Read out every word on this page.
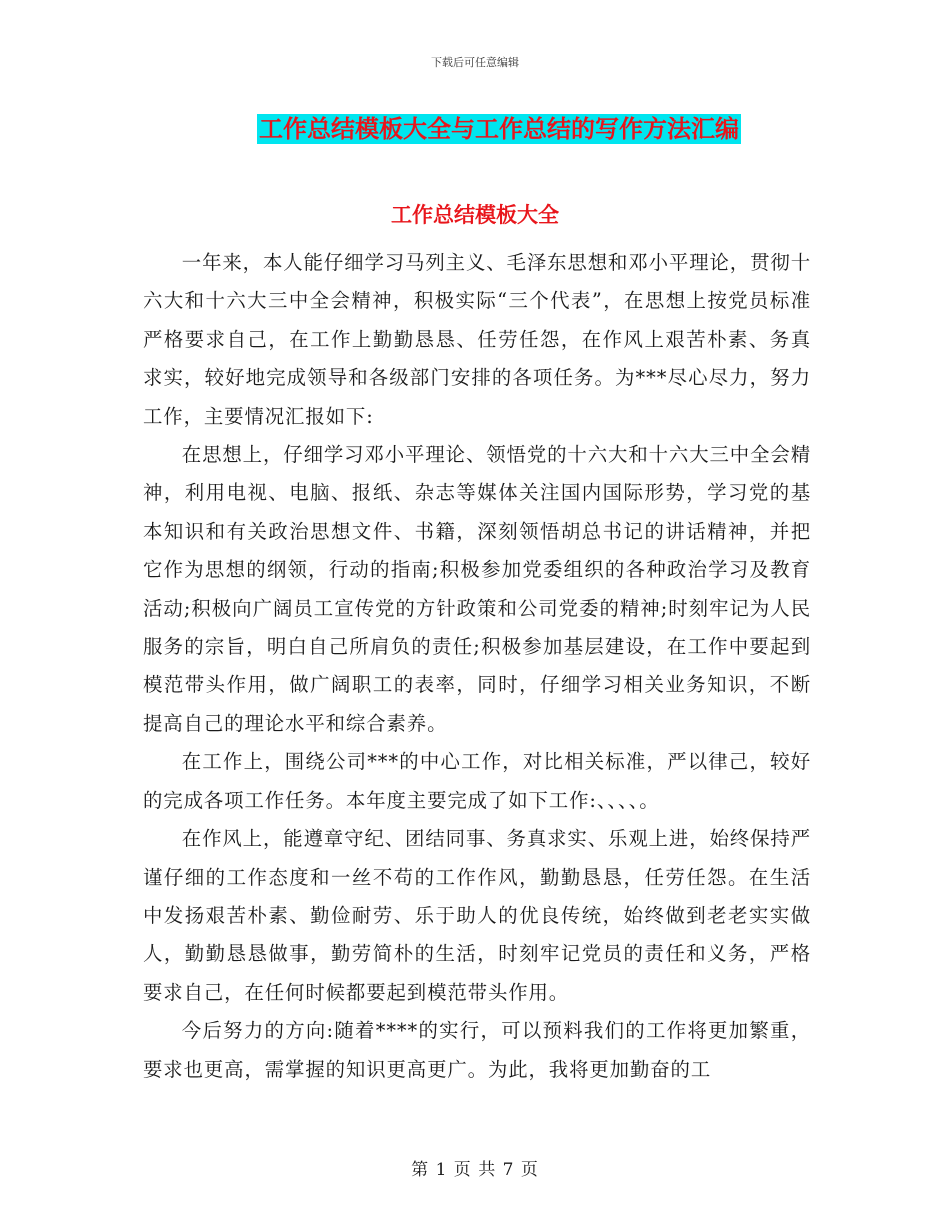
下载后可任意编辑
工作总结模板大全与工作总结的写作方法汇编
工作总结模板大全

一年来，本人能仔细学习马列主义、毛泽东思想和邓小平理论，贯彻十六大和十六大三中全会精神，积极实际“三个代表”，在思想上按党员标准严格要求自己，在工作上勤勤恳恳、任劳任怨，在作风上艰苦朴素、务真求实，较好地完成领导和各级部门安排的各项任务。为***尽心尽力，努力工作，主要情况汇报如下:

在思想上，仔细学习邓小平理论、领悟党的十六大和十六大三中全会精神，利用电视、电脑、报纸、杂志等媒体关注国内国际形势，学习党的基本知识和有关政治思想文件、书籍，深刻领悟胡总书记的讲话精神，并把它作为思想的纲领，行动的指南;积极参加党委组织的各种政治学习及教育活动;积极向广阔员工宣传党的方针政策和公司党委的精神;时刻牢记为人民服务的宗旨，明白自己所肩负的责任;积极参加基层建设，在工作中要起到模范带头作用，做广阔职工的表率，同时，仔细学习相关业务知识，不断提高自己的理论水平和综合素养。

在工作上，围绕公司***的中心工作，对比相关标准，严以律己，较好的完成各项工作任务。本年度主要完成了如下工作:、、、、。

在作风上，能遵章守纪、团结同事、务真求实、乐观上进，始终保持严谨仔细的工作态度和一丝不苟的工作作风，勤勤恳恳，任劳任怨。在生活中发扬艰苦朴素、勤俭耐劳、乐于助人的优良传统，始终做到老老实实做人，勤勤恳恳做事，勤劳简朴的生活，时刻牢记党员的责任和义务，严格要求自己，在任何时候都要起到模范带头作用。

今后努力的方向:随着****的实行，可以预料我们的工作将更加繁重，要求也更高，需掌握的知识更高更广。为此，我将更加勤奋的工

第 1 页 共 7 页
